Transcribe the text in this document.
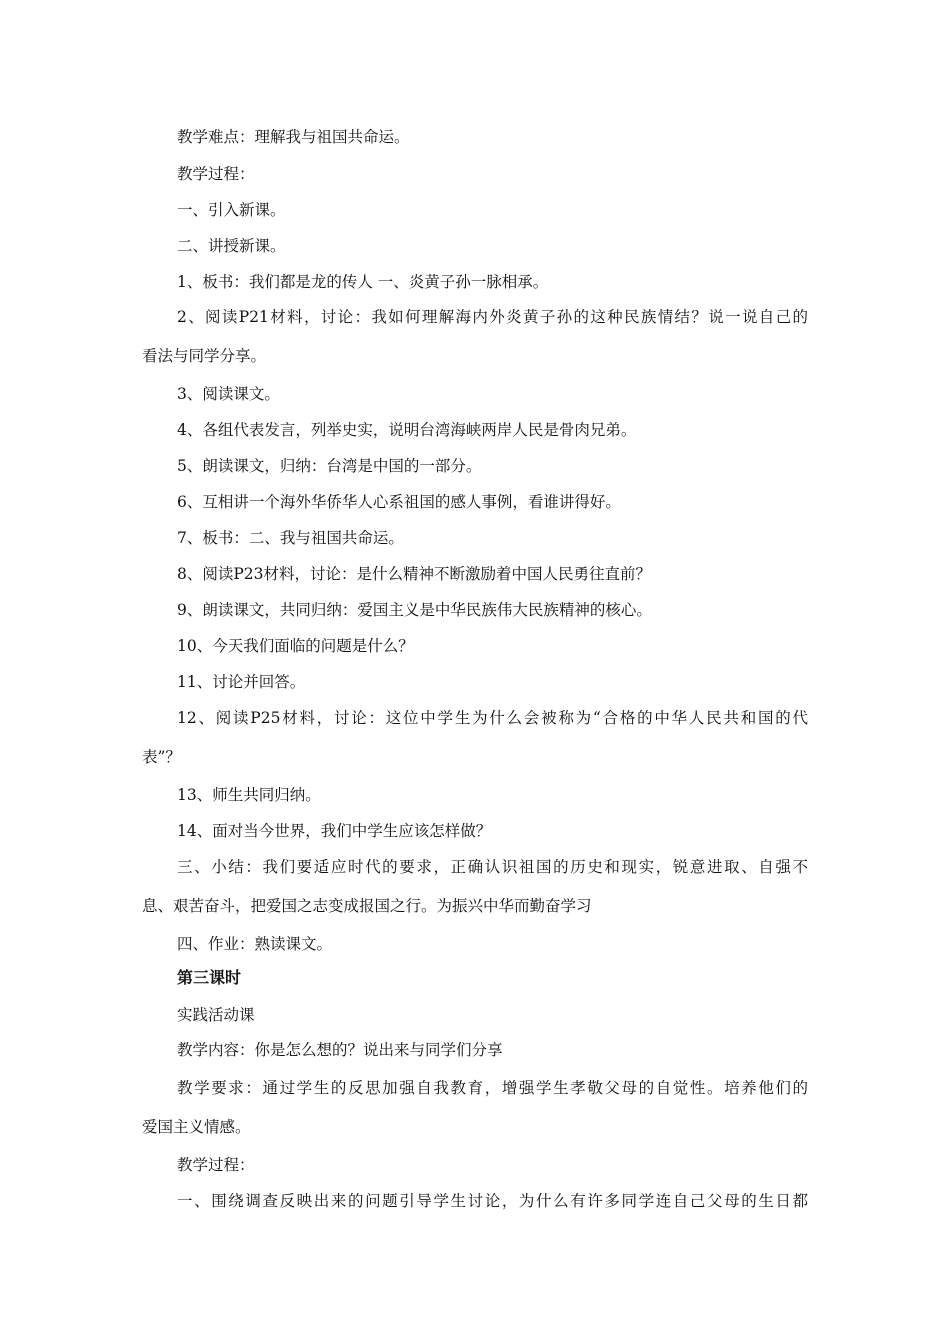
教学难点：理解我与祖国共命运。
教学过程：
一、引入新课。
二、讲授新课。
1、板书：我们都是龙的传人 一、炎黄子孙一脉相承。
2、阅读P21材料，讨论：我如何理解海内外炎黄子孙的这种民族情结？说一说自己的
看法与同学分享。
3、阅读课文。
4、各组代表发言，列举史实，说明台湾海峡两岸人民是骨肉兄弟。
5、朗读课文，归纳：台湾是中国的一部分。
6、互相讲一个海外华侨华人心系祖国的感人事例，看谁讲得好。
7、板书：二、我与祖国共命运。
8、阅读P23材料，讨论：是什么精神不断激励着中国人民勇往直前？
9、朗读课文，共同归纳：爱国主义是中华民族伟大民族精神的核心。
10、今天我们面临的问题是什么？
11、讨论并回答。
12、阅读P25材料，讨论：这位中学生为什么会被称为“合格的中华人民共和国的代
表”？
13、师生共同归纳。
14、面对当今世界，我们中学生应该怎样做？
三、小结：我们要适应时代的要求，正确认识祖国的历史和现实，锐意进取、自强不
息、艰苦奋斗，把爱国之志变成报国之行。为振兴中华而勤奋学习
四、作业：熟读课文。
第三课时
实践活动课
教学内容：你是怎么想的？说出来与同学们分享
教学要求：通过学生的反思加强自我教育，增强学生孝敬父母的自觉性。培养他们的
爱国主义情感。
教学过程：
一、围绕调查反映出来的问题引导学生讨论，为什么有许多同学连自己父母的生日都
